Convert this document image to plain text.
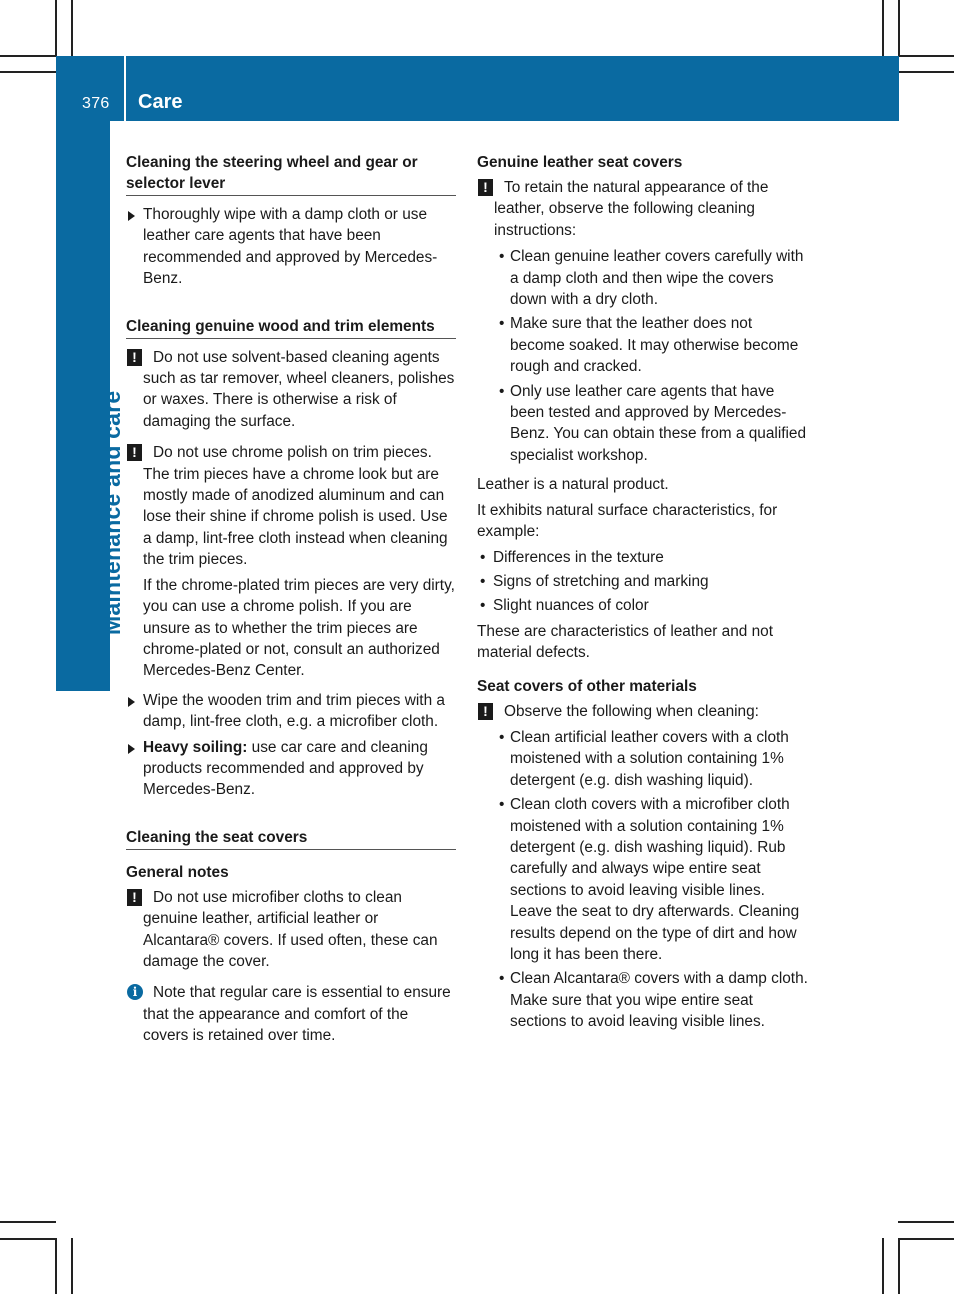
376 Care
Maintenance and care
Cleaning the steering wheel and gear or selector lever

Thoroughly wipe with a damp cloth or use leather care agents that have been recommended and approved by Mercedes-Benz.

Cleaning genuine wood and trim elements
!	Do not use solvent-based cleaning agents such as tar remover, wheel cleaners, polishes or waxes. There is otherwise a risk of damaging the surface.

!	Do not use chrome polish on trim pieces. The trim pieces have a chrome look but are mostly made of anodized aluminum and can lose their shine if chrome polish is used. Use a damp, lint-free cloth instead when cleaning the trim pieces.

If the chrome-plated trim pieces are very dirty, you can use a chrome polish. If you are unsure as to whether the trim pieces are chrome-plated or not, consult an authorized Mercedes-Benz Center.

Wipe the wooden trim and trim pieces with a damp, lint-free cloth, e.g. a microfiber cloth.

Heavy soiling: use car care and cleaning products recommended and approved by Mercedes-Benz.

Cleaning the seat covers
General notes
!	Do not use microfiber cloths to clean genuine leather, artificial leather or Alcantara® covers. If used often, these can damage the cover.

i	Note that regular care is essential to ensure that the appearance and comfort of the covers is retained over time.

Genuine leather seat covers
!	To retain the natural appearance of the leather, observe the following cleaning instructions:

• Clean genuine leather covers carefully with a damp cloth and then wipe the covers down with a dry cloth.

• Make sure that the leather does not become soaked. It may otherwise become rough and cracked.

• Only use leather care agents that have been tested and approved by Mercedes-Benz. You can obtain these from a qualified specialist workshop.

Leather is a natural product.

It exhibits natural surface characteristics, for example:

• Differences in the texture

• Signs of stretching and marking

• Slight nuances of color

These are characteristics of leather and not material defects.

Seat covers of other materials
!	Observe the following when cleaning:

• Clean artificial leather covers with a cloth moistened with a solution containing 1% detergent (e.g. dish washing liquid).

• Clean cloth covers with a microfiber cloth moistened with a solution containing 1% detergent (e.g. dish washing liquid). Rub carefully and always wipe entire seat sections to avoid leaving visible lines. Leave the seat to dry afterwards. Cleaning results depend on the type of dirt and how long it has been there.

• Clean Alcantara® covers with a damp cloth. Make sure that you wipe entire seat sections to avoid leaving visible lines.
